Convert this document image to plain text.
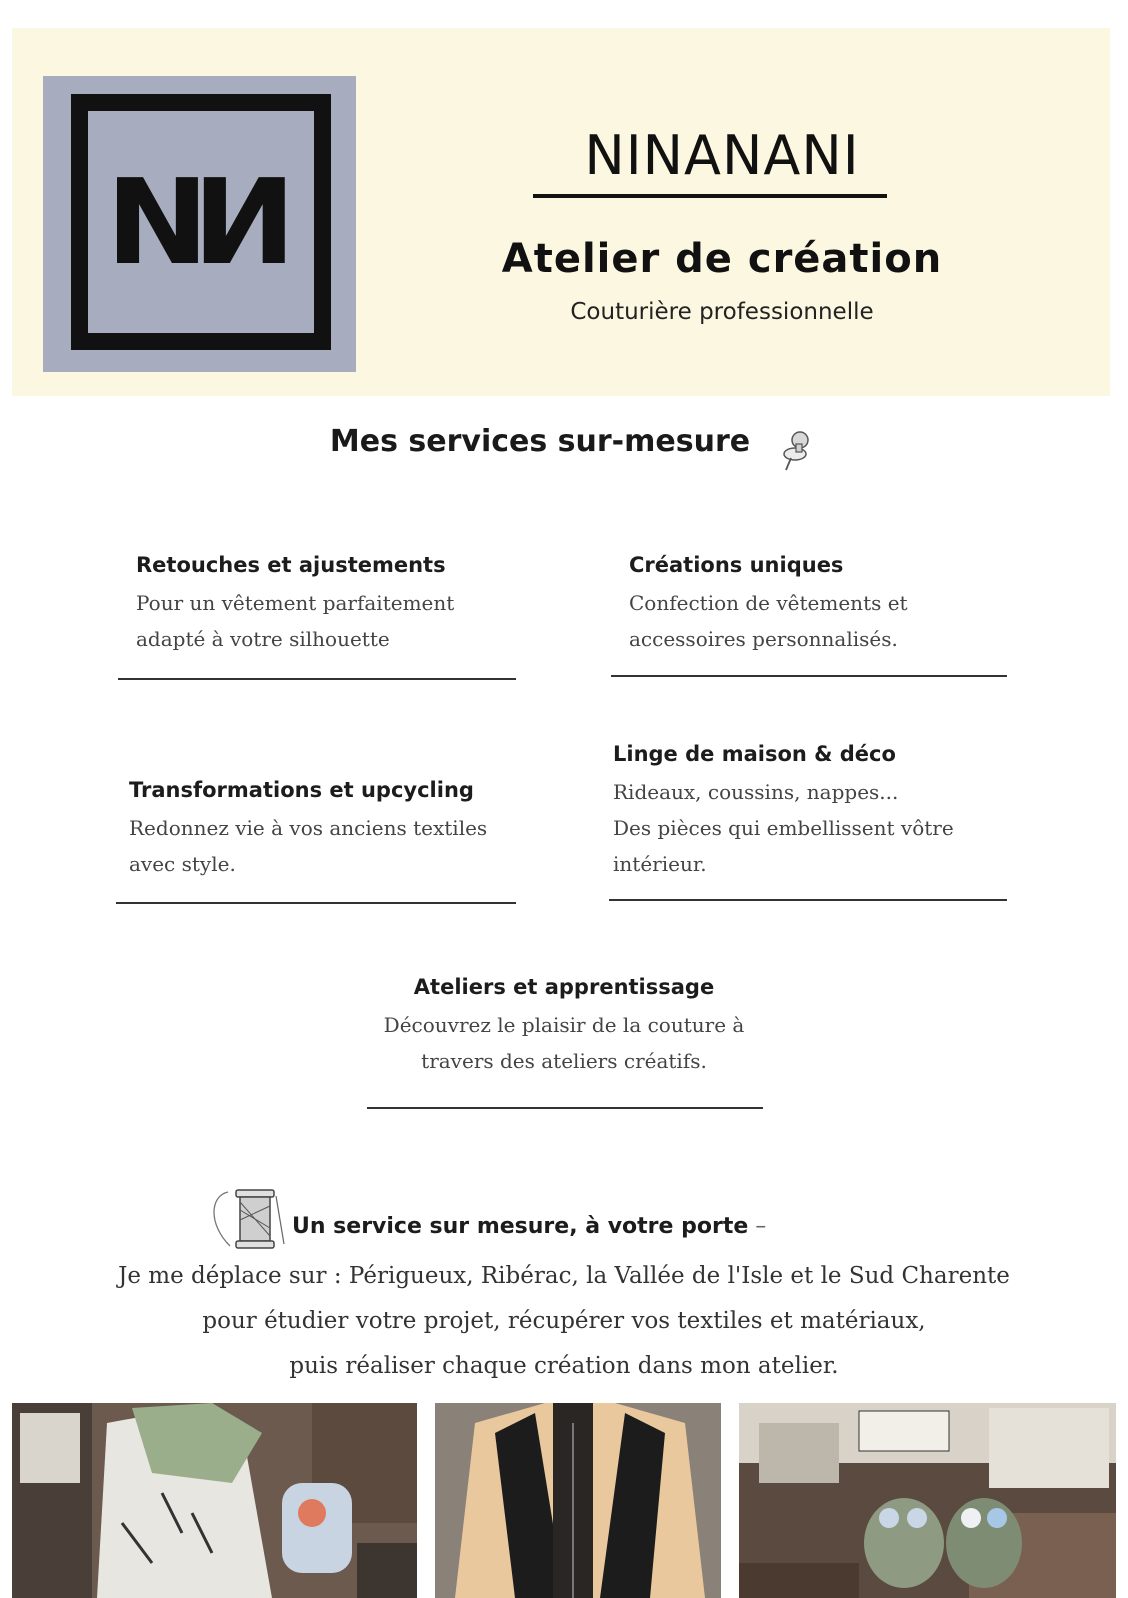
N
N	NINANANI
Atelier de création
Couturière professionnelle
Mes services sur-mesure
Retouches et ajustements

Pour un vêtement parfaitement
adapté à votre silhouette

Créations uniques

Confection de vêtements et
accessoires personnalisés.

Transformations et upcycling

Redonnez vie à vos anciens textiles
avec style.

Linge de maison & déco

Rideaux, coussins, nappes...
Des pièces qui embellissent vôtre
intérieur.

Ateliers et apprentissage

Découvrez le plaisir de la couture à
travers des ateliers créatifs.

Un service sur mesure, à votre porte –
Je me déplace sur : Périgueux, Ribérac, la Vallée de l'Isle et le Sud Charente
pour étudier votre projet, récupérer vos textiles et matériaux,
puis réaliser chaque création dans mon atelier.
